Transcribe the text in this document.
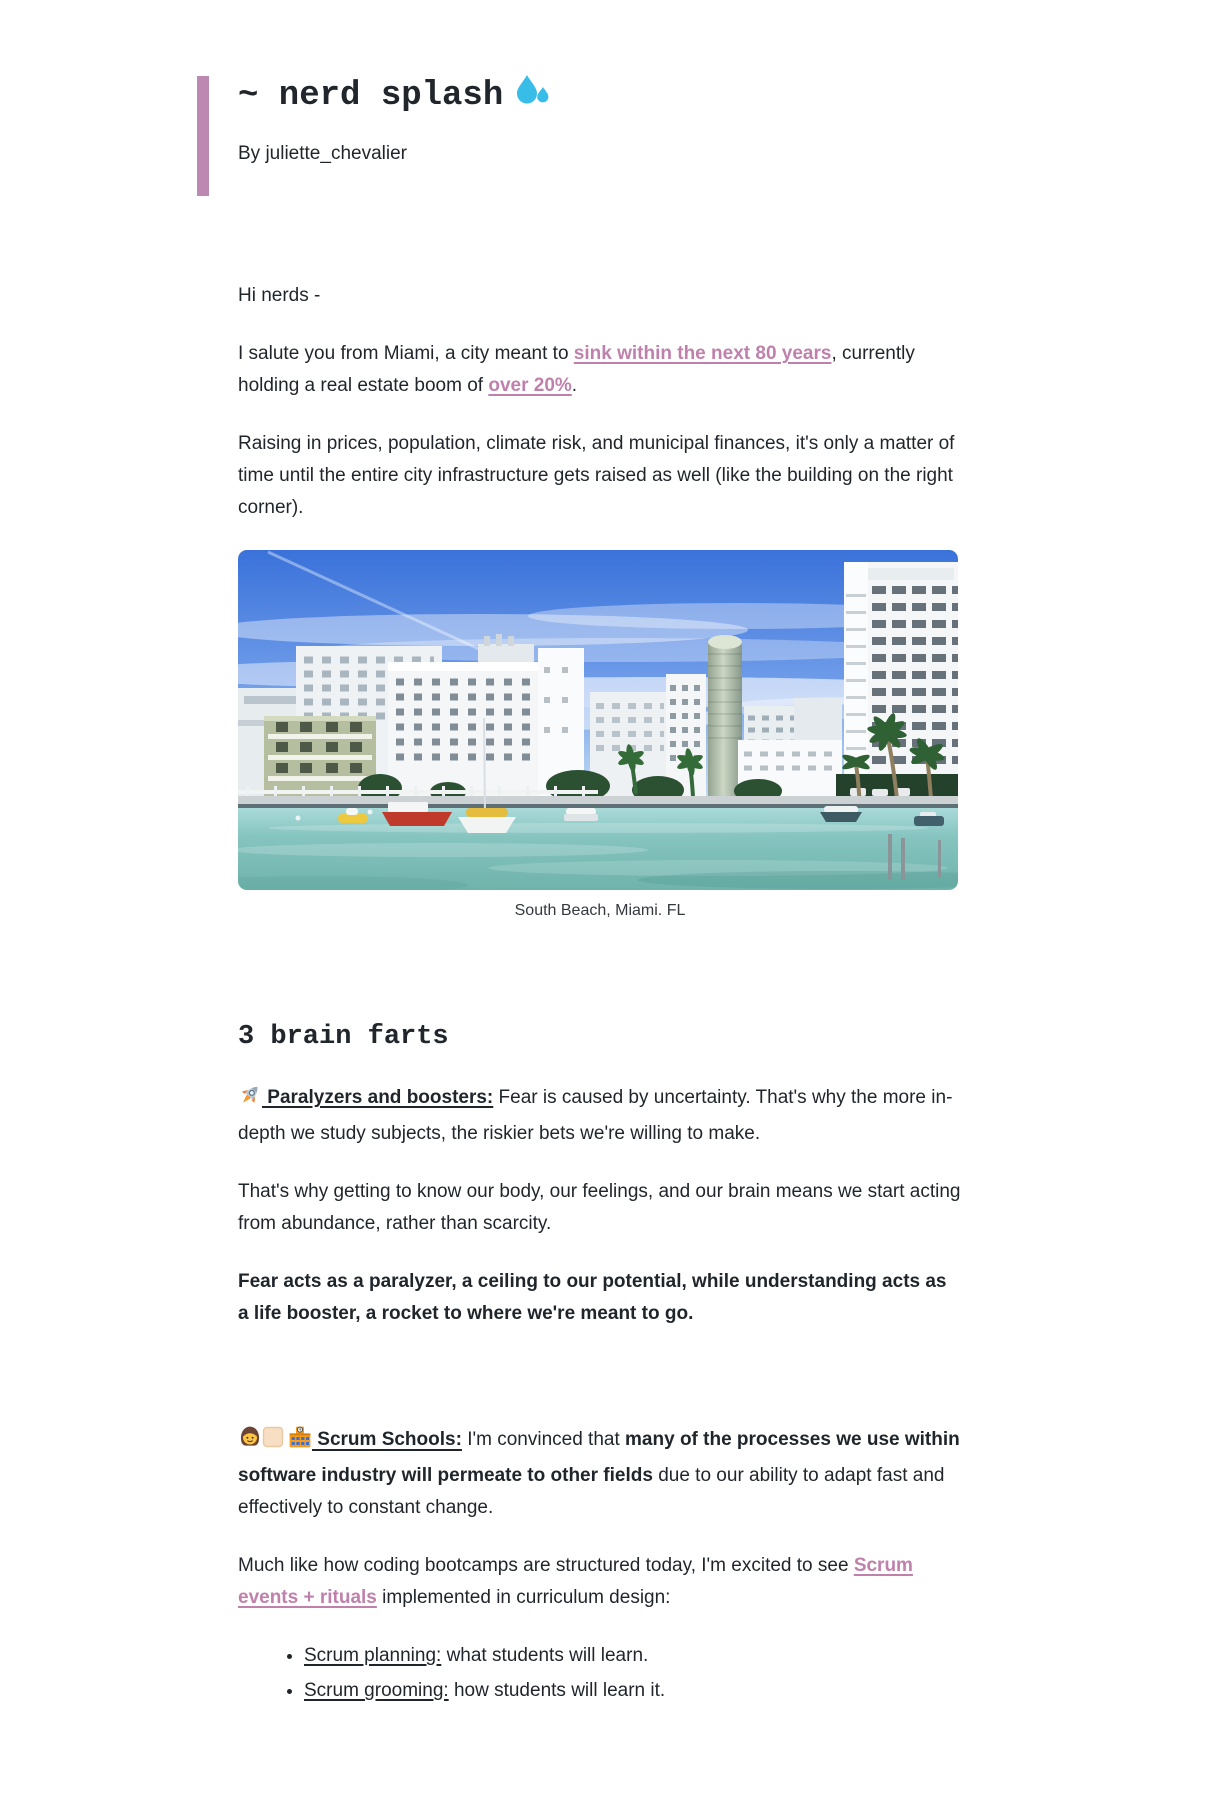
~ nerd splash

By juliette_chevalier

Hi nerds -

I salute you from Miami, a city meant to sink within the next 80 years, currently holding a real estate boom of over 20%.

Raising in prices, population, climate risk, and municipal finances, it's only a matter of time until the entire city infrastructure gets raised as well (like the building on the right corner).

South Beach, Miami. FL
3 brain farts

Paralyzers and boosters: Fear is caused by uncertainty. That's why the more in-depth we study subjects, the riskier bets we're willing to make.

That's why getting to know our body, our feelings, and our brain means we start acting from abundance, rather than scarcity.

Fear acts as a paralyzer, a ceiling to our potential, while understanding acts as a life booster, a rocket to where we're meant to go.

Scrum Schools: I'm convinced that many of the processes we use within software industry will permeate to other fields due to our ability to adapt fast and effectively to constant change.

Much like how coding bootcamps are structured today, I'm excited to see Scrum events + rituals implemented in curriculum design:

• Scrum planning: what students will learn.
• Scrum grooming: how students will learn it.
